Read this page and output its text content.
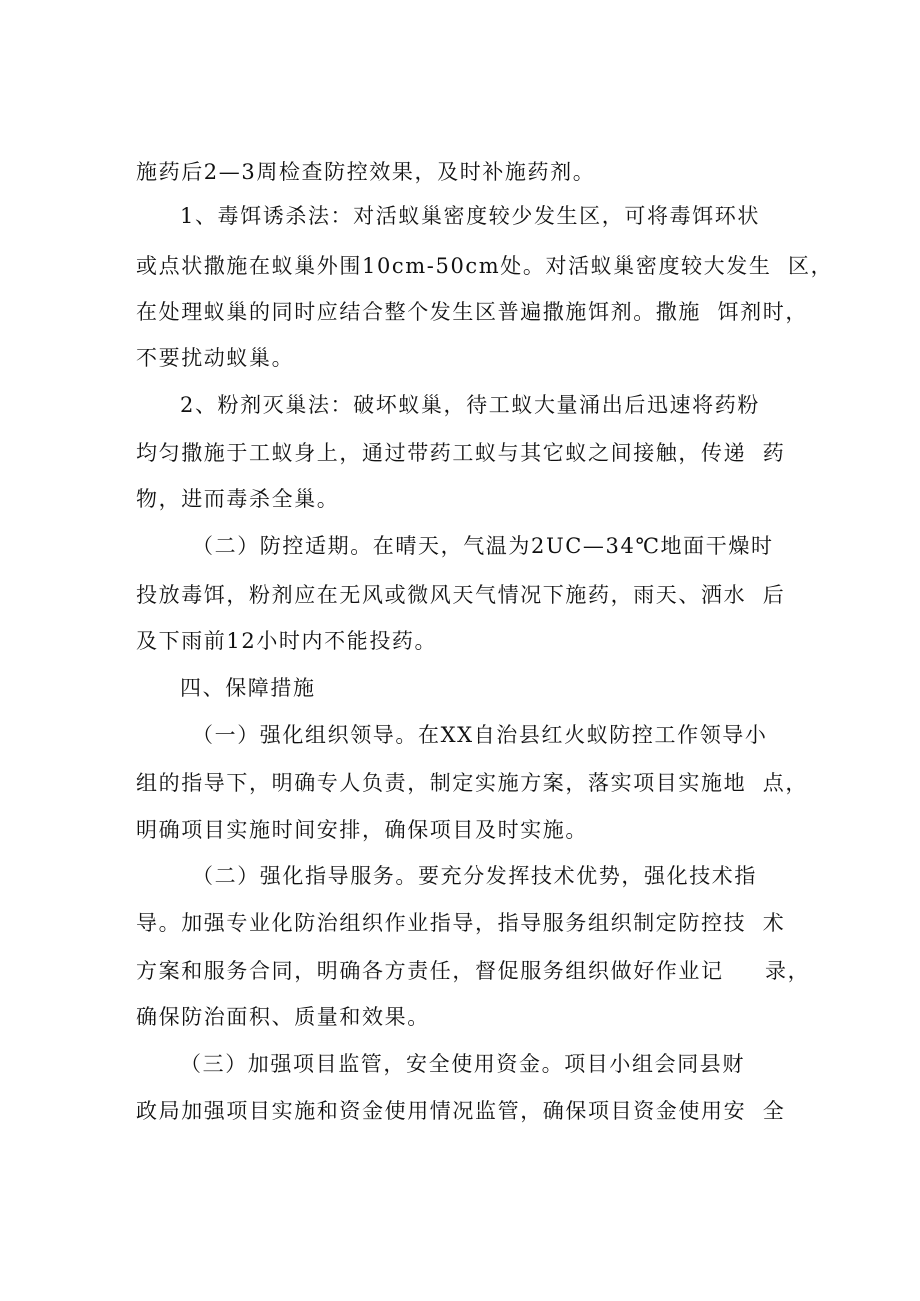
施药后2—3周检查防控效果，及时补施药剂。
1、毒饵诱杀法：对活蚁巢密度较少发生区，可将毒饵环状
或点状撒施在蚁巢外围10cm-50cm处。对活蚁巢密度较大发生  区，
在处理蚁巢的同时应结合整个发生区普遍撒施饵剂。撒施  饵剂时，
不要扰动蚁巢。
2、粉剂灭巢法：破坏蚁巢，待工蚁大量涌出后迅速将药粉
均匀撒施于工蚁身上，通过带药工蚁与其它蚁之间接触，传递  药
物，进而毒杀全巢。
（二）防控适期。在晴天，气温为2UC—34℃地面干燥时
投放毒饵，粉剂应在无风或微风天气情况下施药，雨天、洒水  后
及下雨前12小时内不能投药。
四、保障措施
（一）强化组织领导。在XX自治县红火蚁防控工作领导小
组的指导下，明确专人负责，制定实施方案，落实项目实施地  点，
明确项目实施时间安排，确保项目及时实施。
（二）强化指导服务。要充分发挥技术优势，强化技术指
导。加强专业化防治组织作业指导，指导服务组织制定防控技  术
方案和服务合同，明确各方责任，督促服务组织做好作业记     录，
确保防治面积、质量和效果。
（三）加强项目监管，安全使用资金。项目小组会同县财
政局加强项目实施和资金使用情况监管，确保项目资金使用安  全
